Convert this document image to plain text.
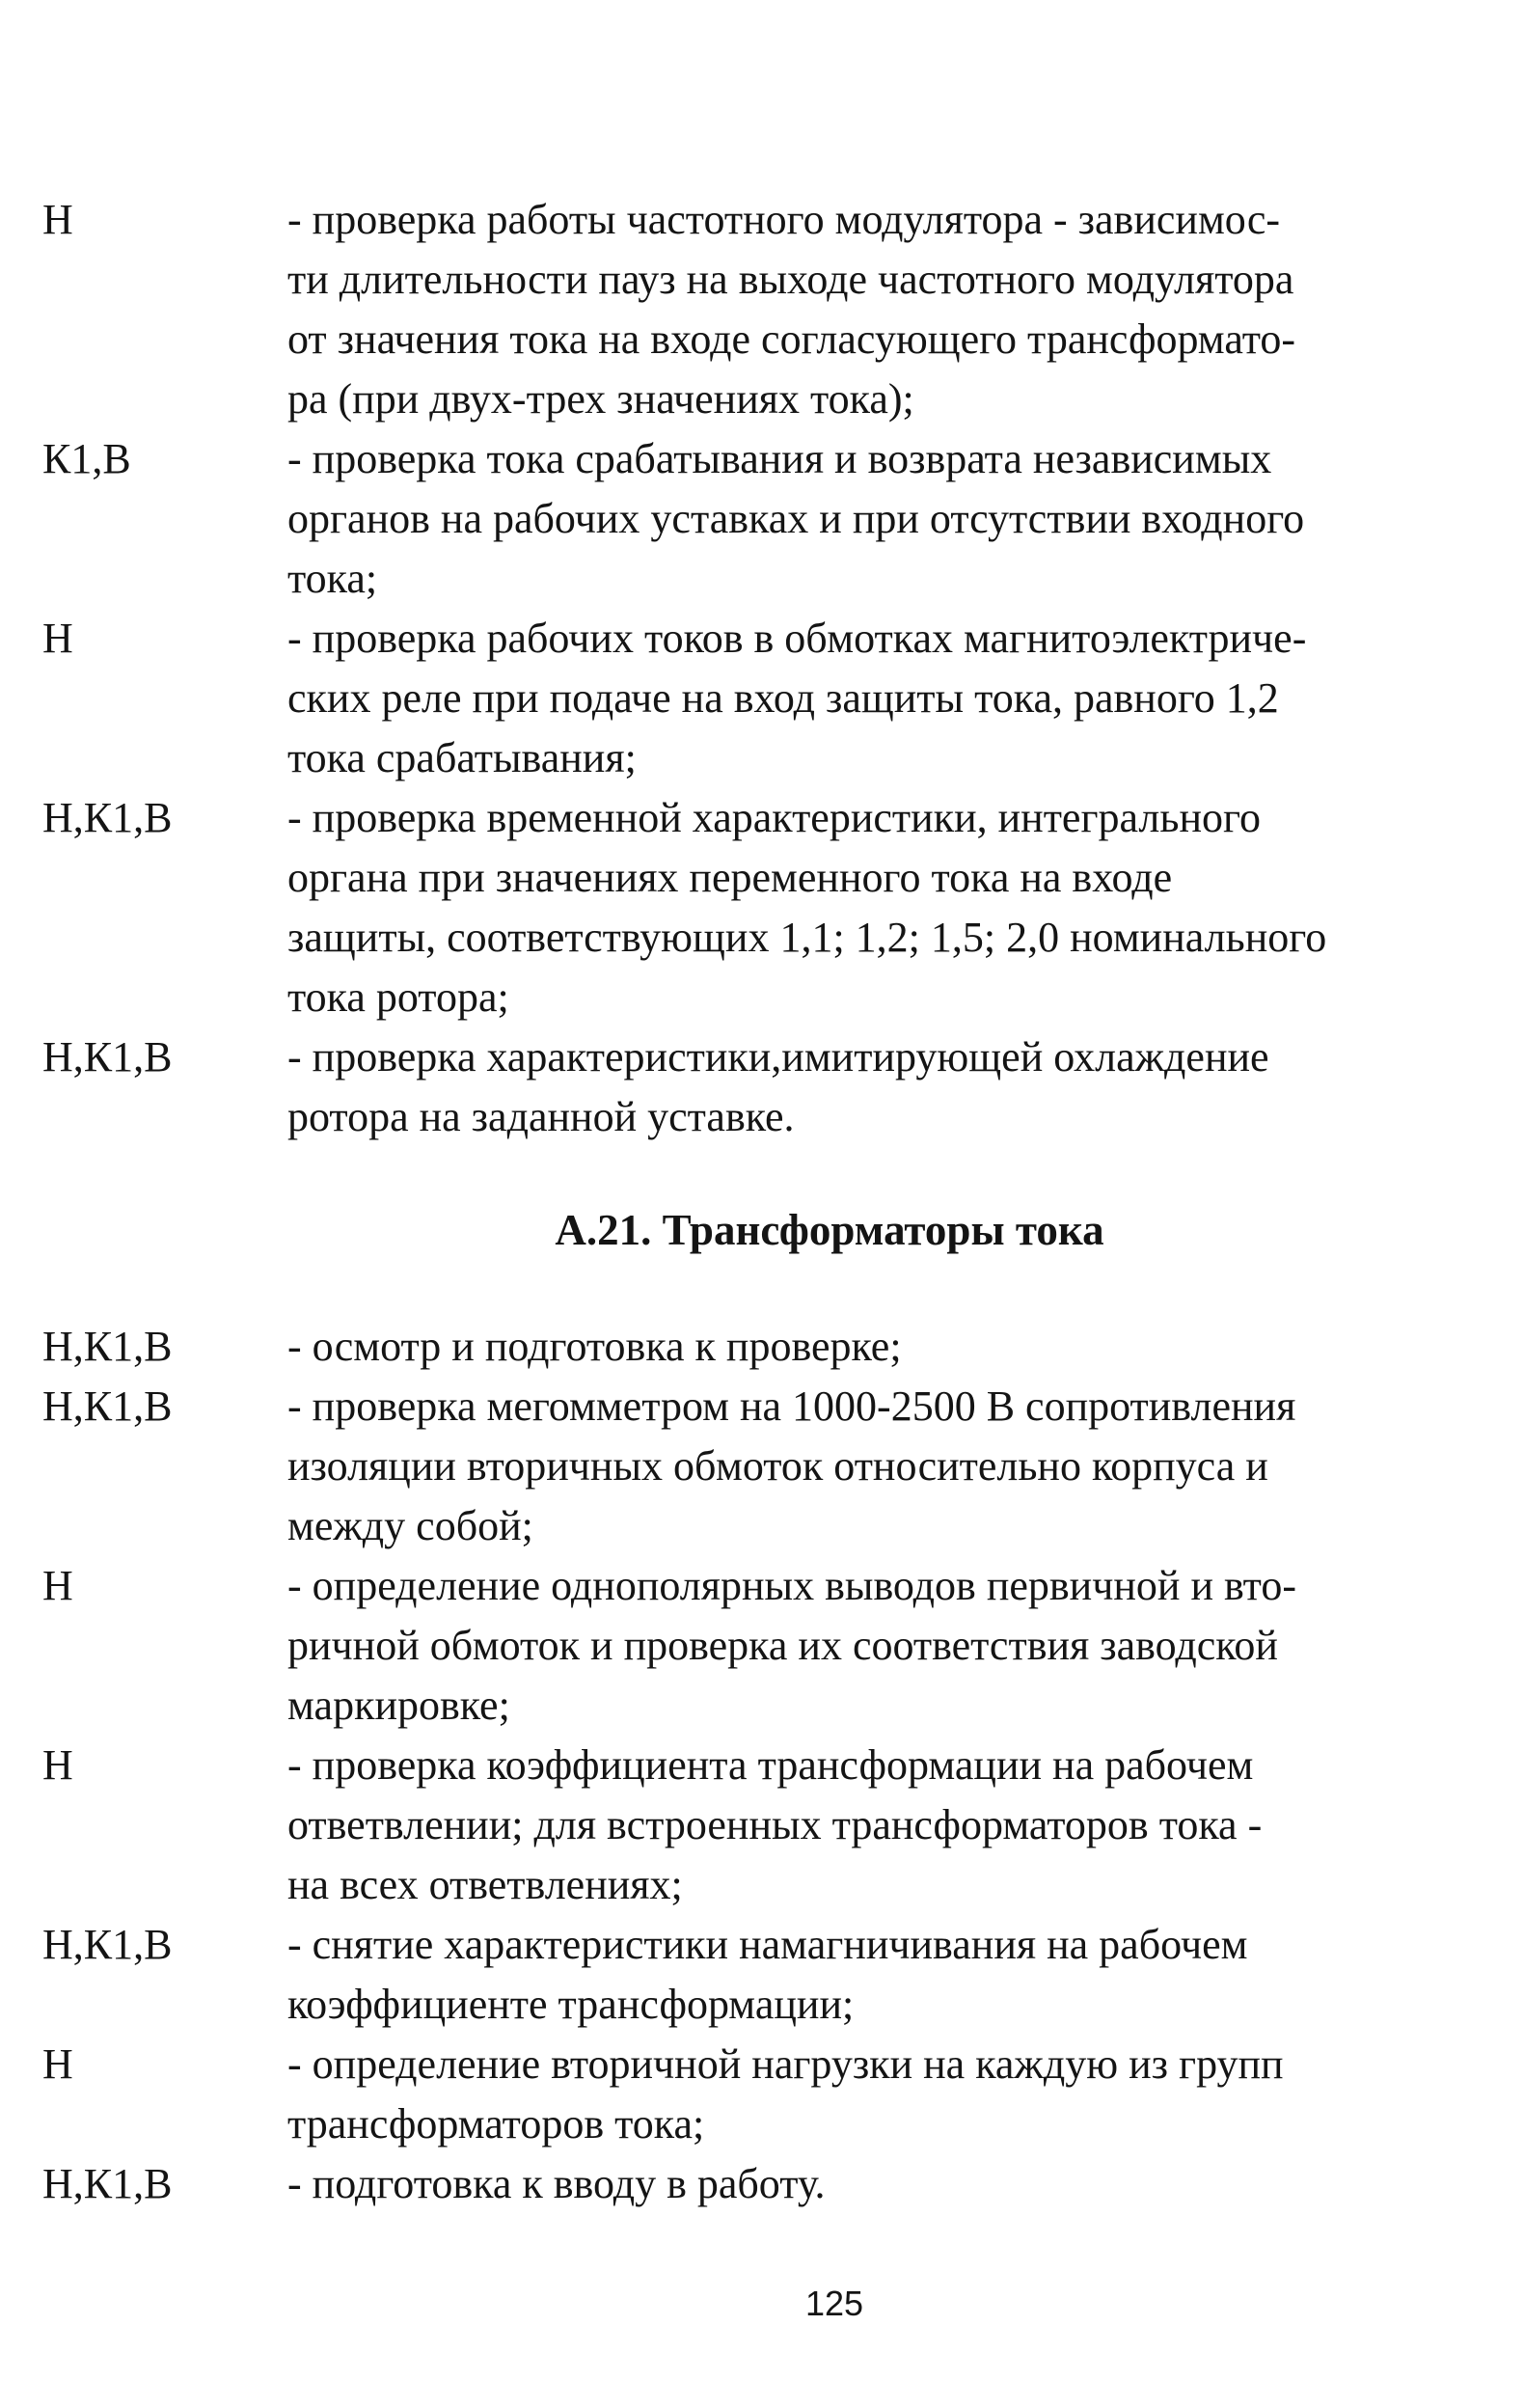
Н	- проверка работы частотного модулятора - зависимос-
ти длительности пауз на выходе частотного модулятора
от значения тока на входе согласующего трансформато-
ра (при двух-трех значениях тока);
К1,В	- проверка тока срабатывания и возврата независимых
органов на рабочих уставках и при отсутствии входного
тока;
Н	- проверка рабочих токов в обмотках магнитоэлектриче-
ских реле при подаче на вход защиты тока, равного 1,2
тока срабатывания;
Н,К1,В	- проверка временной характеристики, интегрального
органа при значениях переменного тока на входе
защиты, соответствующих 1,1; 1,2; 1,5; 2,0 номинального
тока ротора;
Н,К1,В	- проверка характеристики,имитирующей охлаждение
ротора на заданной уставке.
А.21. Трансформаторы тока
Н,К1,В	- осмотр и подготовка к проверке;
Н,К1,В	- проверка мегомметром на 1000-2500 В сопротивления
изоляции вторичных обмоток относительно корпуса и
между собой;
Н	- определение однополярных выводов первичной и вто-
ричной обмоток и проверка их соответствия заводской
маркировке;
Н	- проверка коэффициента трансформации на рабочем
ответвлении; для встроенных трансформаторов тока -
на всех ответвлениях;
Н,К1,В	- снятие характеристики намагничивания на рабочем
коэффициенте трансформации;
Н	- определение вторичной нагрузки на каждую из групп
трансформаторов тока;
Н,К1,В	- подготовка к вводу в работу.
125
